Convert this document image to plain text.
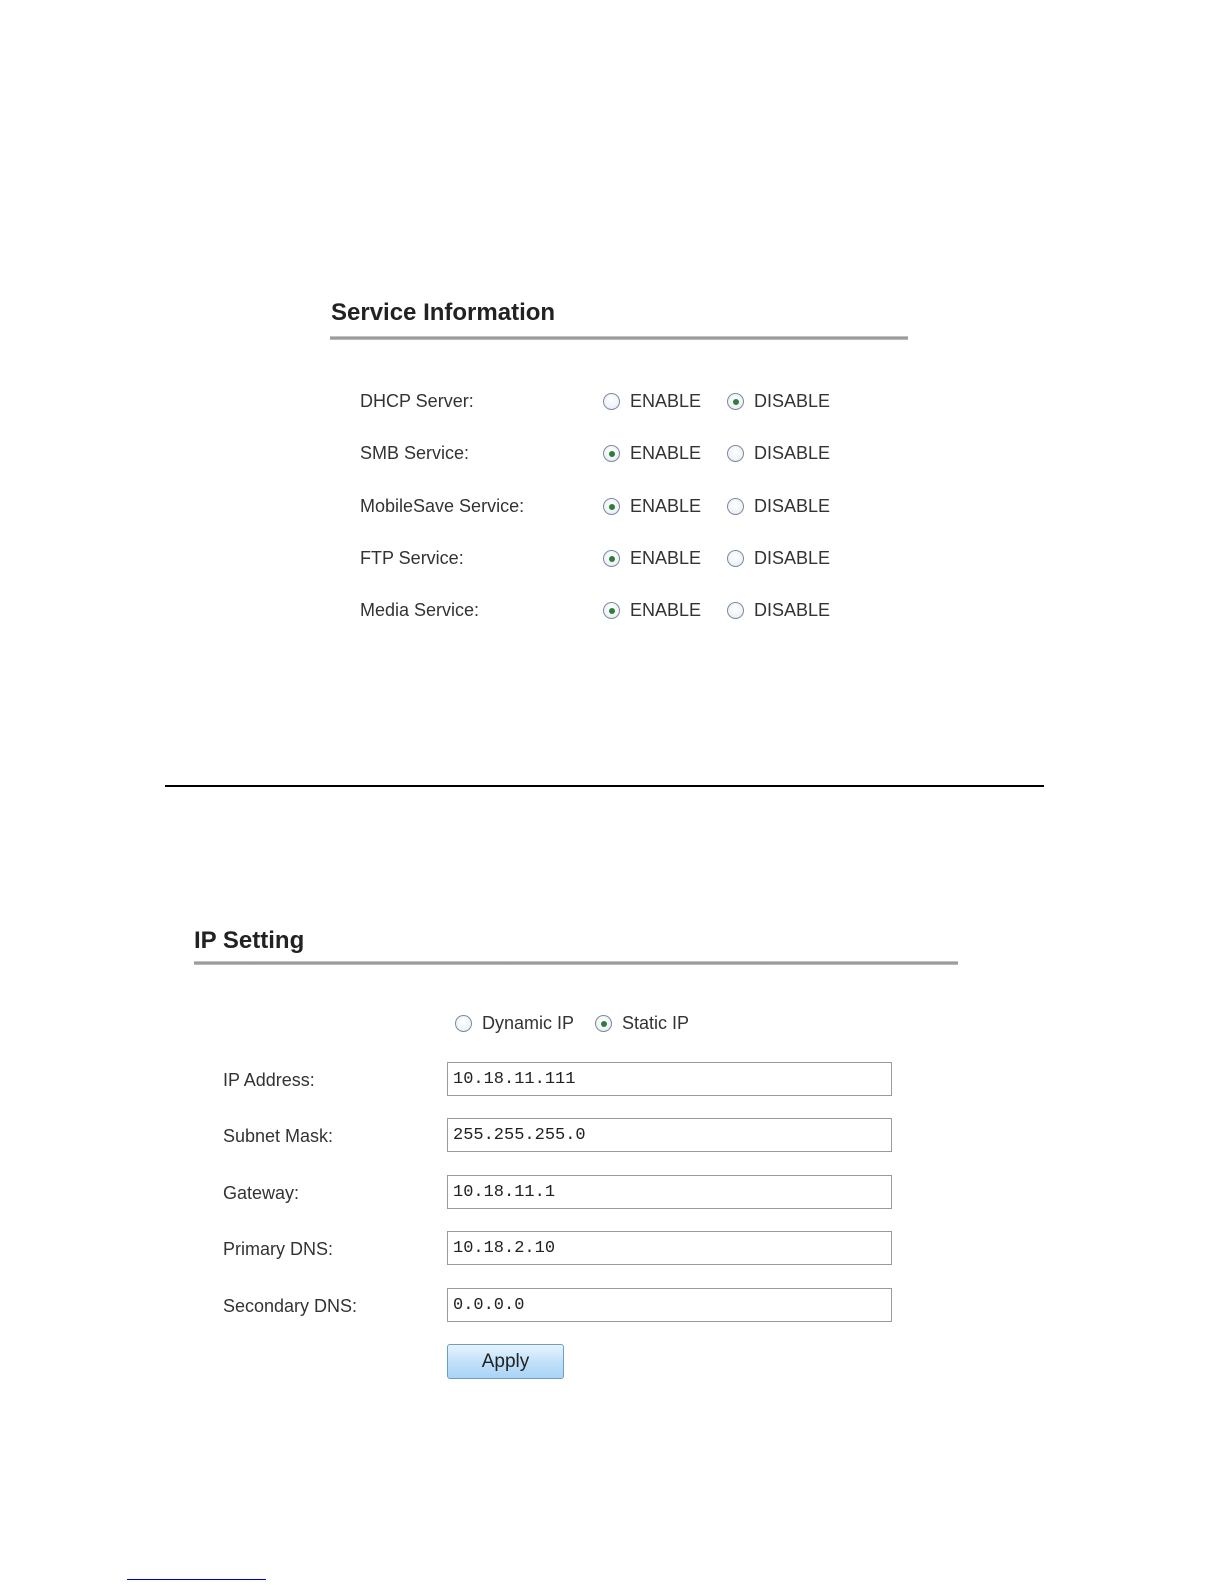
Service Information
DHCP Server:	ENABLE	DISABLE
SMB Service:	ENABLE	DISABLE
MobileSave Service:	ENABLE	DISABLE
FTP Service:	ENABLE	DISABLE
Media Service:	ENABLE	DISABLE
IP Setting
Dynamic IP	Static IP
IP Address:
10.18.11.111
Subnet Mask:
255.255.255.0
Gateway:
10.18.11.1
Primary DNS:
10.18.2.10
Secondary DNS:
0.0.0.0
Apply
